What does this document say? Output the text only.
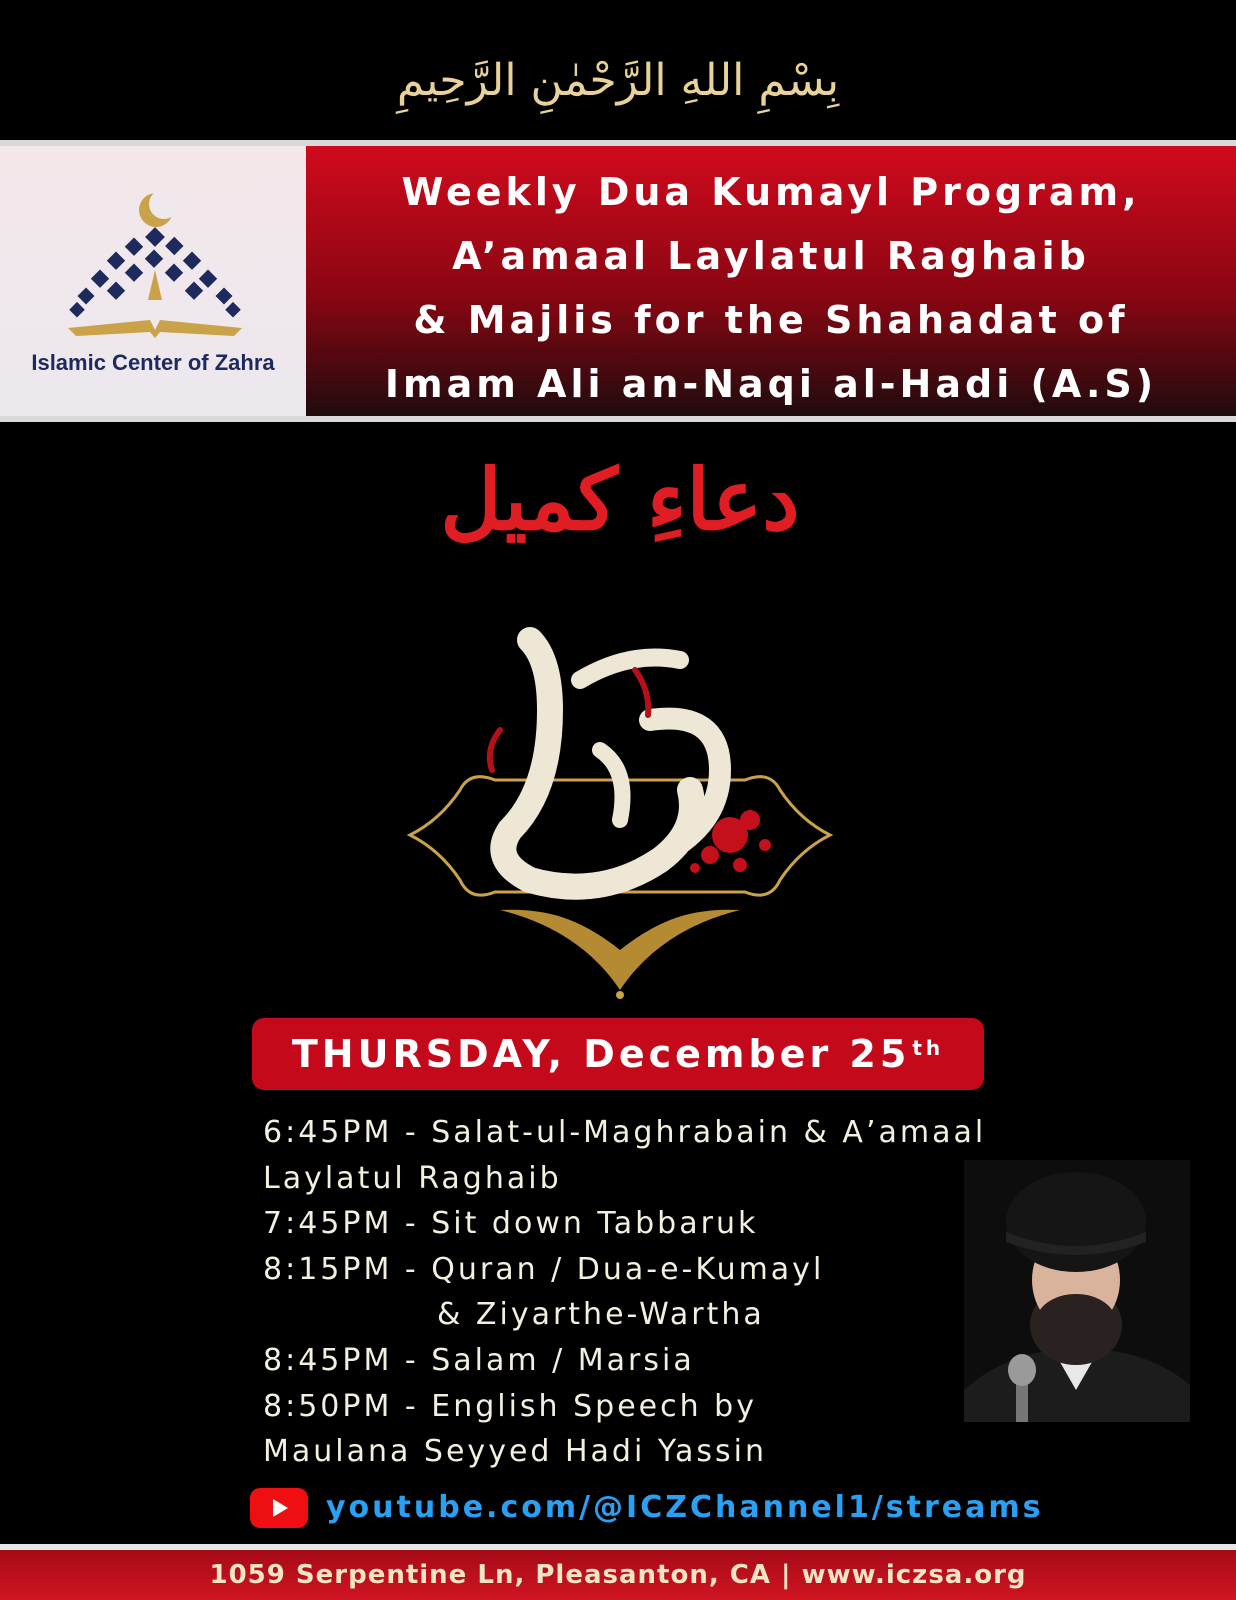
بِسْمِ اللهِ الرَّحْمٰنِ الرَّحِيمِ
Islamic Center of Zahra
Weekly Dua Kumayl Program,
A’amaal Laylatul Raghaib
& Majlis for the Shahadat of
Imam Ali an-Naqi al-Hadi (A.S)
دعاءِ کمیل
THURSDAY, December 25th
6:45PM - Salat-ul-Maghrabain & A’amaal
Laylatul Raghaib
7:45PM - Sit down Tabbaruk
8:15PM - Quran / Dua-e-Kumayl
& Ziyarthe-Wartha
8:45PM - Salam / Marsia
8:50PM - English Speech by
Maulana Seyyed Hadi Yassin
youtube.com/@ICZChannel1/streams
1059 Serpentine Ln, Pleasanton, CA | www.iczsa.org
